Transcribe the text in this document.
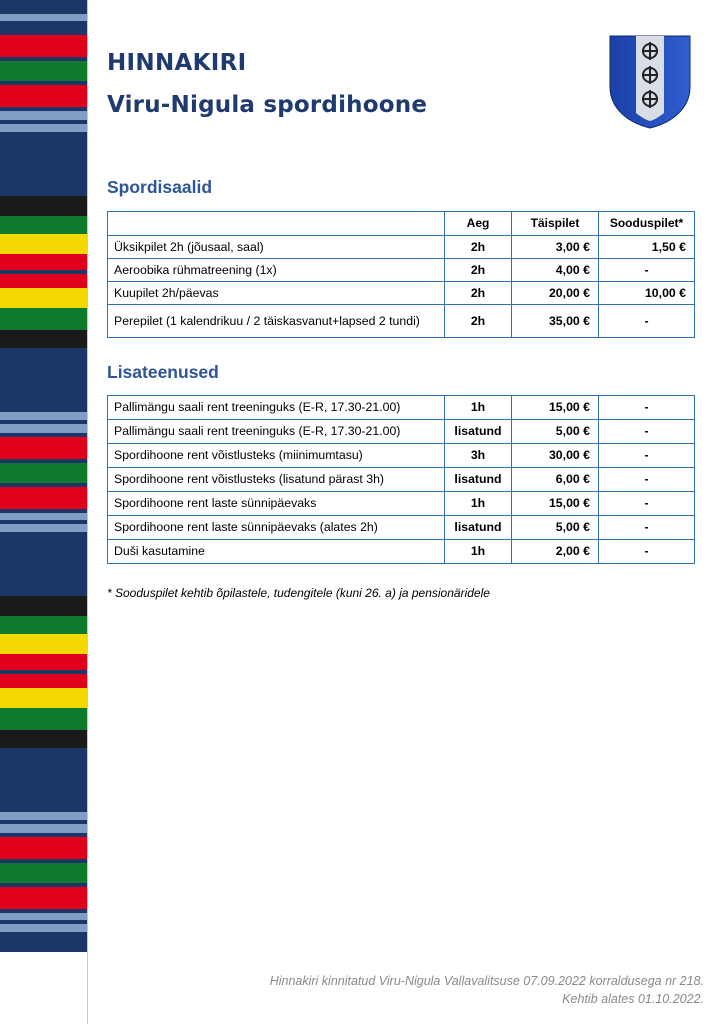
HINNAKIRI
Viru-Nigula spordihoone
Spordisaalid
	Aeg	Täispilet	Sooduspilet*
Üksikpilet 2h (jõusaal, saal)	2h	3,00 €	1,50 €
Aeroobika rühmatreening (1x)	2h	4,00 €	-
Kuupilet 2h/päevas	2h	20,00 €	10,00 €
Perepilet (1 kalendrikuu / 2 täiskasvanut+lapsed 2 tundi)	2h	35,00 €	-
Lisateenused
Pallimängu saali rent treeninguks (E-R, 17.30-21.00)	1h	15,00 €	-
Pallimängu saali rent treeninguks (E-R, 17.30-21.00)	lisatund	5,00 €	-
Spordihoone rent võistlusteks (miinimumtasu)	3h	30,00 €	-
Spordihoone rent võistlusteks (lisatund pärast 3h)	lisatund	6,00 €	-
Spordihoone rent laste sünnipäevaks	1h	15,00 €	-
Spordihoone rent laste sünnipäevaks (alates 2h)	lisatund	5,00 €	-
Duši kasutamine	1h	2,00 €	-
* Sooduspilet kehtib õpilastele, tudengitele (kuni 26. a) ja pensionäridele
Hinnakiri kinnitatud Viru-Nigula Vallavalitsuse 07.09.2022 korraldusega nr 218.
Kehtib alates 01.10.2022.
